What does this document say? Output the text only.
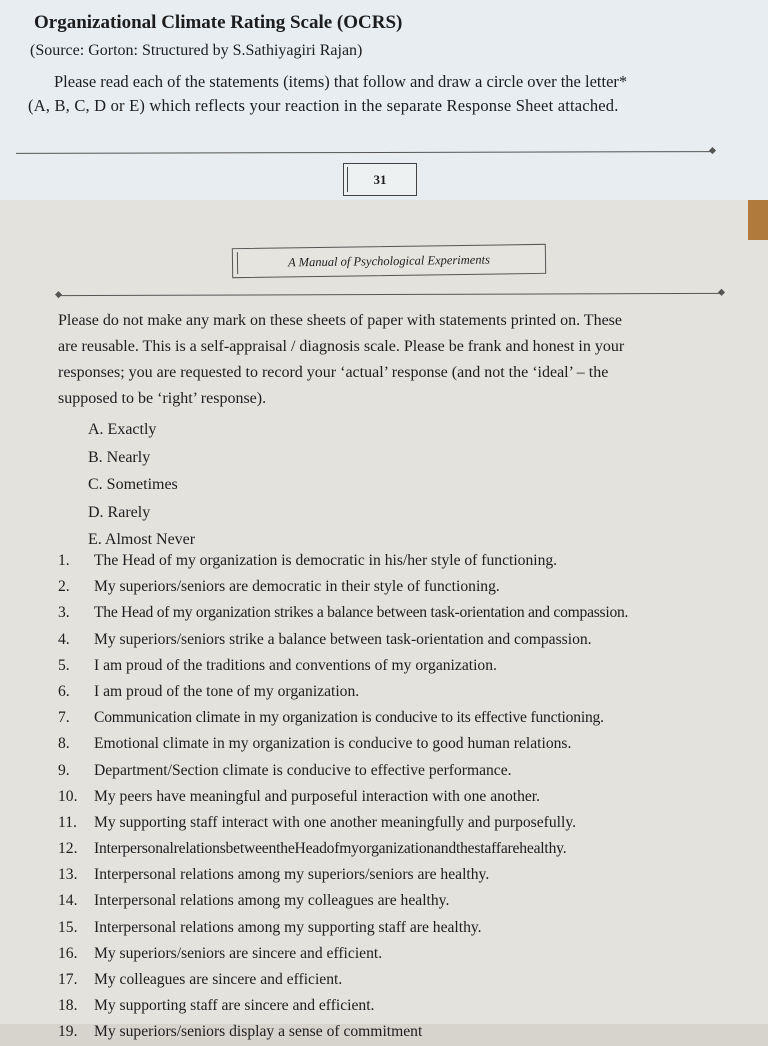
Organizational Climate Rating Scale (OCRS)
(Source: Gorton: Structured by S.Sathiyagiri Rajan)
Please read each of the statements (items) that follow and draw a circle over the letter*
(A, B, C, D or E) which reflects your reaction in the separate Response Sheet attached.
31
A Manual of Psychological Experiments
Please do not make any mark on these sheets of paper with statements printed on. These
are reusable. This is a self-appraisal / diagnosis scale. Please be frank and honest in your
responses; you are requested to record your ‘actual’ response (and not the ‘ideal’ – the
supposed to be ‘right’ response).
A. Exactly
B. Nearly
C. Sometimes
D. Rarely
E. Almost Never
1. The Head of my organization is democratic in his/her style of functioning.
2. My superiors/seniors are democratic in their style of functioning.
3. The Head of my organization strikes a balance between task-orientation and compassion.
4. My superiors/seniors strike a balance between task-orientation and compassion.
5. I am proud of the traditions and conventions of my organization.
6. I am proud of the tone of my organization.
7. Communication climate in my organization is conducive to its effective functioning.
8. Emotional climate in my organization is conducive to good human relations.
9. Department/Section climate is conducive to effective performance.
10. My peers have meaningful and purposeful interaction with one another.
11. My supporting staff interact with one another meaningfully and purposefully.
12. InterpersonalrelationsbetweentheHeadofmyorganizationandthestaffarehealthy.
13. Interpersonal relations among my superiors/seniors are healthy.
14. Interpersonal relations among my colleagues are healthy.
15. Interpersonal relations among my supporting staff are healthy.
16. My superiors/seniors are sincere and efficient.
17. My colleagues are sincere and efficient.
18. My supporting staff are sincere and efficient.
19. My superiors/seniors display a sense of commitment
